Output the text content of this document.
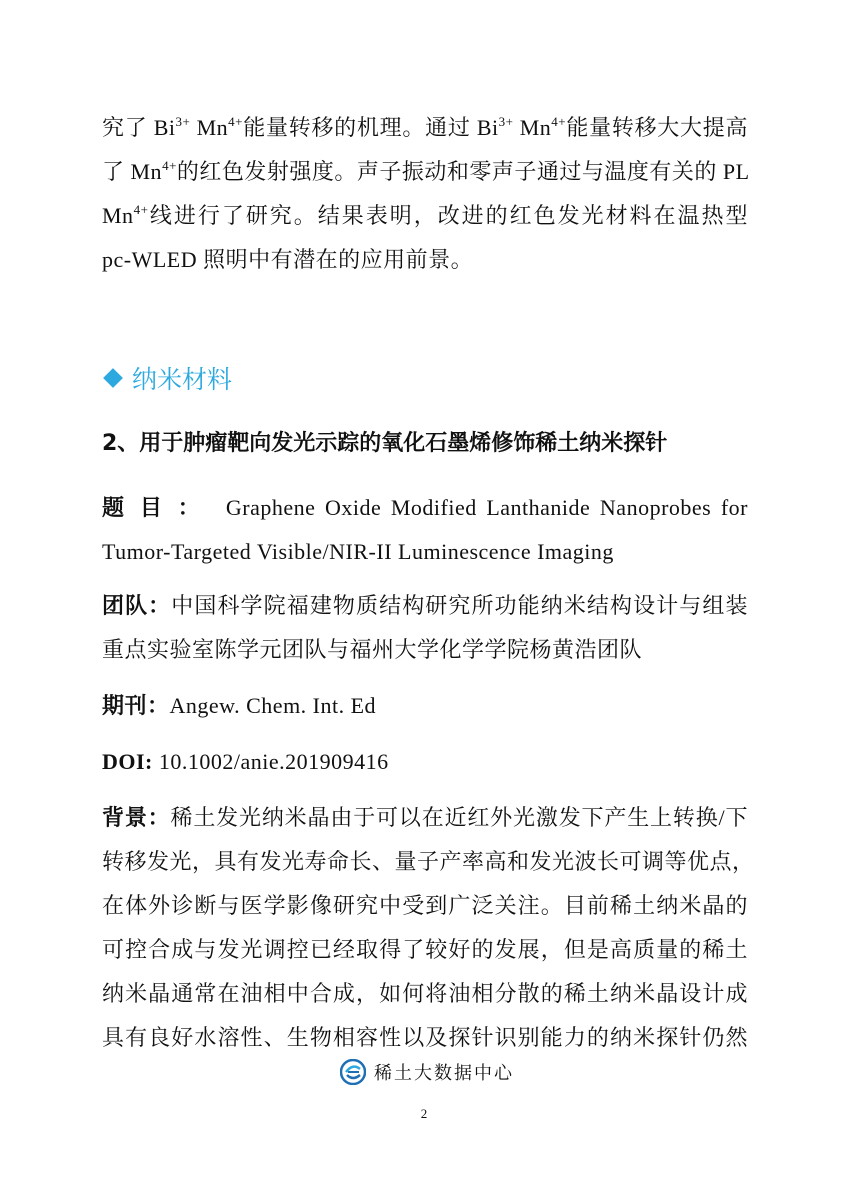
究了 $Bi^{3+}$ $Mn^{4+}$能量转移的机理。通过 $Bi^{3+}$ $Mn^{4+}$能量转移大大提高
了 $Mn^{4+}$的红色发射强度。声子振动和零声子通过与温度有关的 PL
$Mn^{4+}$线进行了研究。结果表明，改进的红色发光材料在温热型
pc-WLED 照明中有潜在的应用前景。
纳米材料
2、用于肿瘤靶向发光示踪的氧化石墨烯修饰稀土纳米探针
题 目 ： Graphene Oxide Modified Lanthanide Nanoprobes for
Tumor-Targeted Visible/NIR-II Luminescence Imaging
团队：中国科学院福建物质结构研究所功能纳米结构设计与组装
重点实验室陈学元团队与福州大学化学学院杨黄浩团队
期刊：Angew. Chem. Int. Ed
DOI: 10.1002/anie.201909416
背景：稀土发光纳米晶由于可以在近红外光激发下产生上转换/下
转移发光，具有发光寿命长、量子产率高和发光波长可调等优点，
在体外诊断与医学影像研究中受到广泛关注。目前稀土纳米晶的
可控合成与发光调控已经取得了较好的发展，但是高质量的稀土
纳米晶通常在油相中合成，如何将油相分散的稀土纳米晶设计成
具有良好水溶性、生物相容性以及探针识别能力的纳米探针仍然
稀土大数据中心
2
